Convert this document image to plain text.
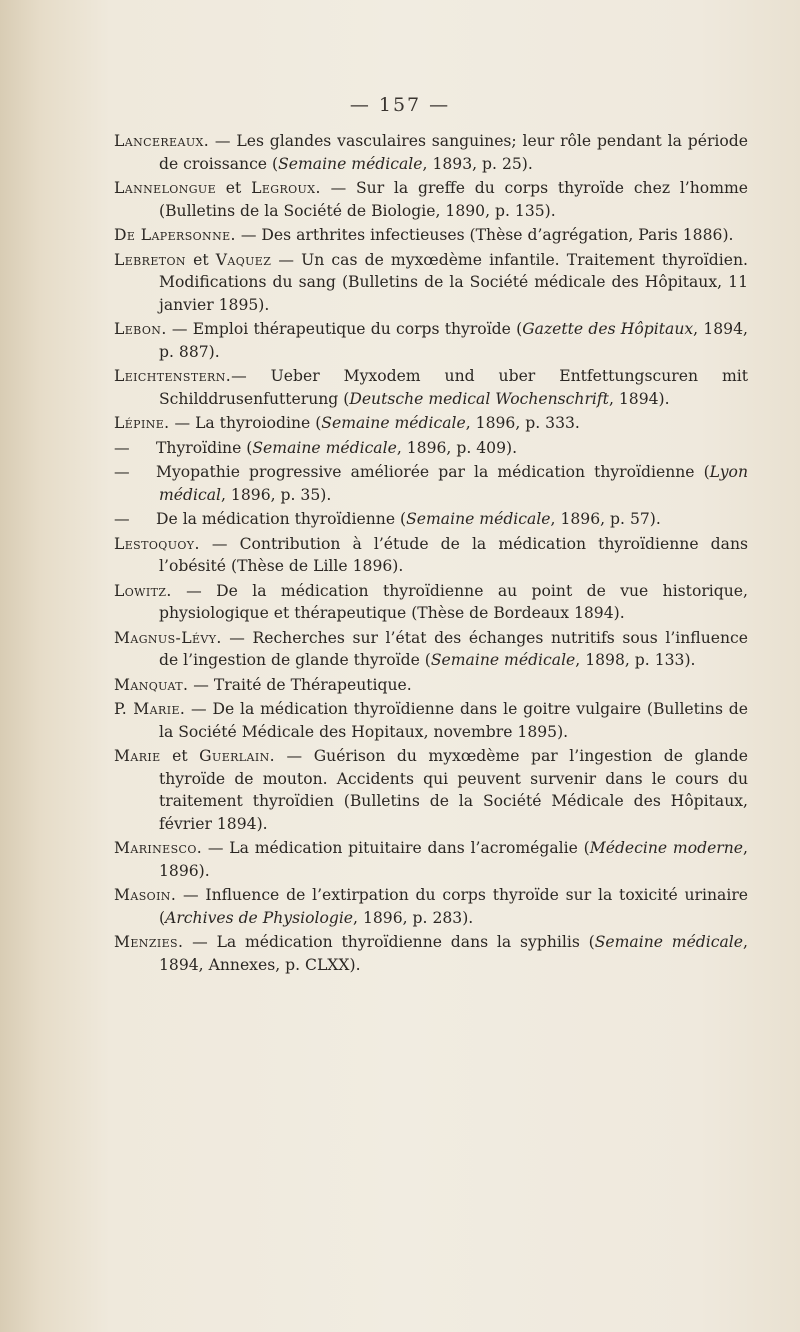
— 157 —

Lancereaux. — Les glandes vasculaires sanguines; leur rôle pendant la période de croissance (Semaine médicale, 1893, p. 25).

Lannelongue et Legroux. — Sur la greffe du corps thyroïde chez l’homme (Bulletins de la Société de Biologie, 1890, p. 135).

De Lapersonne. — Des arthrites infectieuses (Thèse d’agrégation, Paris 1886).

Lebreton et Vaquez — Un cas de myxœdème infantile. Traitement thyroïdien. Modifications du sang (Bulletins de la Société médicale des Hôpitaux, 11 janvier 1895).

Lebon. — Emploi thérapeutique du corps thyroïde (Gazette des Hôpitaux, 1894, p. 887).

Leichtenstern.— Ueber Myxodem und uber Entfettungscuren mit Schilddrusenfutterung (Deutsche medical Wochenschrift, 1894).

Lépine. — La thyroiodine (Semaine médicale, 1896, p. 333.

— Thyroïdine (Semaine médicale, 1896, p. 409).

— Myopathie progressive améliorée par la médication thyroïdienne (Lyon médical, 1896, p. 35).

— De la médication thyroïdienne (Semaine médicale, 1896, p. 57).

Lestoquoy. — Contribution à l’étude de la médication thyroïdienne dans l’obésité (Thèse de Lille 1896).

Lowitz. — De la médication thyroïdienne au point de vue historique, physiologique et thérapeutique (Thèse de Bordeaux 1894).

Magnus-Lévy. — Recherches sur l’état des échanges nutritifs sous l’influence de l’ingestion de glande thyroïde (Semaine médicale, 1898, p. 133).

Manquat. — Traité de Thérapeutique.

P. Marie. — De la médication thyroïdienne dans le goitre vulgaire (Bulletins de la Société Médicale des Hopitaux, novembre 1895).

Marie et Guerlain. — Guérison du myxœdème par l’ingestion de glande thyroïde de mouton. Accidents qui peuvent survenir dans le cours du traitement thyroïdien (Bulletins de la Société Médicale des Hôpitaux, février 1894).

Marinesco. — La médication pituitaire dans l’acromégalie (Médecine moderne, 1896).

Masoin. — Influence de l’extirpation du corps thyroïde sur la toxicité urinaire (Archives de Physiologie, 1896, p. 283).

Menzies. — La médication thyroïdienne dans la syphilis (Semaine médicale, 1894, Annexes, p. CLXX).
